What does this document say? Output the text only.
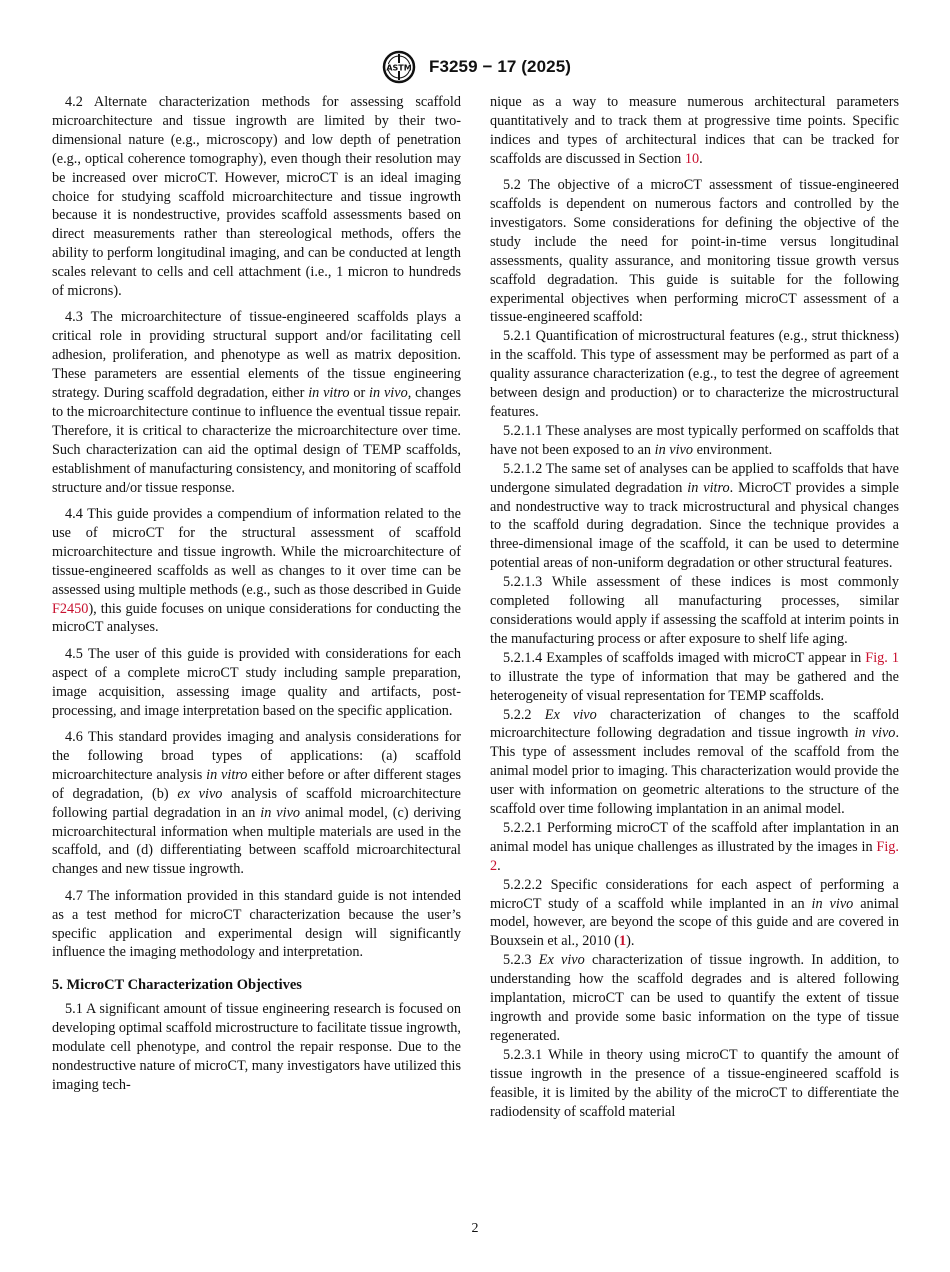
ASTM F3259 − 17 (2025)

4.2 Alternate characterization methods for assessing scaffold microarchitecture and tissue ingrowth are limited by their two-dimensional nature (e.g., microscopy) and low depth of penetration (e.g., optical coherence tomography), even though their resolution may be increased over microCT. However, microCT is an ideal imaging choice for studying scaffold microarchitecture and tissue ingrowth because it is nondestructive, provides scaffold assessments based on direct measurements rather than stereological methods, offers the ability to perform longitudinal imaging, and can be conducted at length scales relevant to cells and cell attachment (i.e., 1 micron to hundreds of microns).

4.3 The microarchitecture of tissue-engineered scaffolds plays a critical role in providing structural support and/or facilitating cell adhesion, proliferation, and phenotype as well as matrix deposition. These parameters are essential elements of the tissue engineering strategy. During scaffold degradation, either in vitro or in vivo, changes to the microarchitecture continue to influence the eventual tissue repair. Therefore, it is critical to characterize the microarchitecture over time. Such characterization can aid the optimal design of TEMP scaffolds, establishment of manufacturing consistency, and monitoring of scaffold structure and/or tissue response.

4.4 This guide provides a compendium of information related to the use of microCT for the structural assessment of scaffold microarchitecture and tissue ingrowth. While the microarchitecture of tissue-engineered scaffolds as well as changes to it over time can be assessed using multiple methods (e.g., such as those described in Guide F2450), this guide focuses on unique considerations for conducting the microCT analyses.

4.5 The user of this guide is provided with considerations for each aspect of a complete microCT study including sample preparation, image acquisition, assessing image quality and artifacts, post-processing, and image interpretation based on the specific application.

4.6 This standard provides imaging and analysis considerations for the following broad types of applications: (a) scaffold microarchitecture analysis in vitro either before or after different stages of degradation, (b) ex vivo analysis of scaffold microarchitecture following partial degradation in an in vivo animal model, (c) deriving microarchitectural information when multiple materials are used in the scaffold, and (d) differentiating between scaffold microarchitectural changes and new tissue ingrowth.

4.7 The information provided in this standard guide is not intended as a test method for microCT characterization because the user’s specific application and experimental design will significantly influence the imaging methodology and interpretation.

5. MicroCT Characterization Objectives

5.1 A significant amount of tissue engineering research is focused on developing optimal scaffold microstructure to facilitate tissue ingrowth, modulate cell phenotype, and control the repair response. Due to the nondestructive nature of microCT, many investigators have utilized this imaging tech-

nique as a way to measure numerous architectural parameters quantitatively and to track them at progressive time points. Specific indices and types of architectural indices that can be tracked for scaffolds are discussed in Section 10.

5.2 The objective of a microCT assessment of tissue-engineered scaffolds is dependent on numerous factors and controlled by the investigators. Some considerations for defining the objective of the study include the need for point-in-time versus longitudinal assessments, quality assurance, and monitoring tissue growth versus scaffold degradation. This guide is suitable for the following experimental objectives when performing microCT assessment of a tissue-engineered scaffold:

5.2.1 Quantification of microstructural features (e.g., strut thickness) in the scaffold. This type of assessment may be performed as part of a quality assurance characterization (e.g., to test the degree of agreement between design and production) or to characterize the microstructural features.

5.2.1.1 These analyses are most typically performed on scaffolds that have not been exposed to an in vivo environment.

5.2.1.2 The same set of analyses can be applied to scaffolds that have undergone simulated degradation in vitro. MicroCT provides a simple and nondestructive way to track microstructural and physical changes to the scaffold during degradation. Since the technique provides a three-dimensional image of the scaffold, it can be used to determine potential areas of non-uniform degradation or other structural features.

5.2.1.3 While assessment of these indices is most commonly completed following all manufacturing processes, similar considerations would apply if assessing the scaffold at interim points in the manufacturing process or after exposure to shelf life aging.

5.2.1.4 Examples of scaffolds imaged with microCT appear in Fig. 1 to illustrate the type of information that may be gathered and the heterogeneity of visual representation for TEMP scaffolds.

5.2.2 Ex vivo characterization of changes to the scaffold microarchitecture following degradation and tissue ingrowth in vivo. This type of assessment includes removal of the scaffold from the animal model prior to imaging. This characterization would provide the user with information on geometric alterations to the structure of the scaffold over time following implantation in an animal model.

5.2.2.1 Performing microCT of the scaffold after implantation in an animal model has unique challenges as illustrated by the images in Fig. 2.

5.2.2.2 Specific considerations for each aspect of performing a microCT study of a scaffold while implanted in an in vivo animal model, however, are beyond the scope of this guide and are covered in Bouxsein et al., 2010 (1).

5.2.3 Ex vivo characterization of tissue ingrowth. In addition, to understanding how the scaffold degrades and is altered following implantation, microCT can be used to quantify the extent of tissue ingrowth and provide some basic information on the type of tissue regenerated.

5.2.3.1 While in theory using microCT to quantify the amount of tissue ingrowth in the presence of a tissue-engineered scaffold is feasible, it is limited by the ability of the microCT to differentiate the radiodensity of scaffold material

2
